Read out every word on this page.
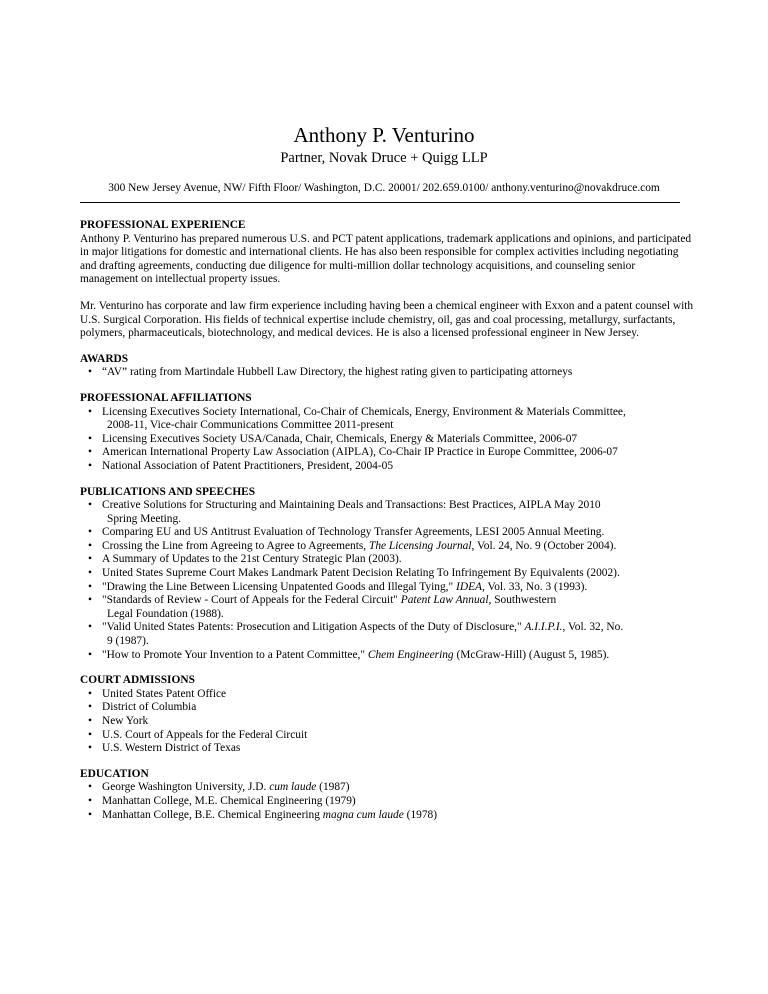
Anthony P. Venturino
Partner, Novak Druce + Quigg LLP
300 New Jersey Avenue, NW/ Fifth Floor/ Washington, D.C. 20001/ 202.659.0100/ anthony.venturino@novakdruce.com
PROFESSIONAL EXPERIENCE

Anthony P. Venturino has prepared numerous U.S. and PCT patent applications, trademark applications and opinions, and participated in major litigations for domestic and international clients. He has also been responsible for complex activities including negotiating and drafting agreements, conducting due diligence for multi-million dollar technology acquisitions, and counseling senior management on intellectual property issues.

Mr. Venturino has corporate and law firm experience including having been a chemical engineer with Exxon and a patent counsel with U.S. Surgical Corporation. His fields of technical expertise include chemistry, oil, gas and coal processing, metallurgy, surfactants, polymers, pharmaceuticals, biotechnology, and medical devices. He is also a licensed professional engineer in New Jersey.

AWARDS
• “AV” rating from Martindale Hubbell Law Directory, the highest rating given to participating attorneys
PROFESSIONAL AFFILIATIONS
• Licensing Executives Society International, Co-Chair of Chemicals, Energy, Environment & Materials Committee,
2008-11, Vice-chair Communications Committee 2011-present
• Licensing Executives Society USA/Canada, Chair, Chemicals, Energy & Materials Committee, 2006-07
• American International Property Law Association (AIPLA), Co-Chair IP Practice in Europe Committee, 2006-07
• National Association of Patent Practitioners, President, 2004-05
PUBLICATIONS AND SPEECHES
• Creative Solutions for Structuring and Maintaining Deals and Transactions: Best Practices, AIPLA May 2010
Spring Meeting.
• Comparing EU and US Antitrust Evaluation of Technology Transfer Agreements, LESI 2005 Annual Meeting.
• Crossing the Line from Agreeing to Agree to Agreements, The Licensing Journal, Vol. 24, No. 9 (October 2004).
• A Summary of Updates to the 21st Century Strategic Plan (2003).
• United States Supreme Court Makes Landmark Patent Decision Relating To Infringement By Equivalents (2002).
• "Drawing the Line Between Licensing Unpatented Goods and Illegal Tying," IDEA, Vol. 33, No. 3 (1993).
• "Standards of Review - Court of Appeals for the Federal Circuit" Patent Law Annual, Southwestern
Legal Foundation (1988).
• "Valid United States Patents: Prosecution and Litigation Aspects of the Duty of Disclosure," A.I.I.P.I., Vol. 32, No.
9 (1987).
• "How to Promote Your Invention to a Patent Committee," Chem Engineering (McGraw-Hill) (August 5, 1985).
COURT ADMISSIONS
• United States Patent Office
• District of Columbia
• New York
• U.S. Court of Appeals for the Federal Circuit
• U.S. Western District of Texas
EDUCATION
• George Washington University, J.D. cum laude (1987)
• Manhattan College, M.E. Chemical Engineering (1979)
• Manhattan College, B.E. Chemical Engineering magna cum laude (1978)
